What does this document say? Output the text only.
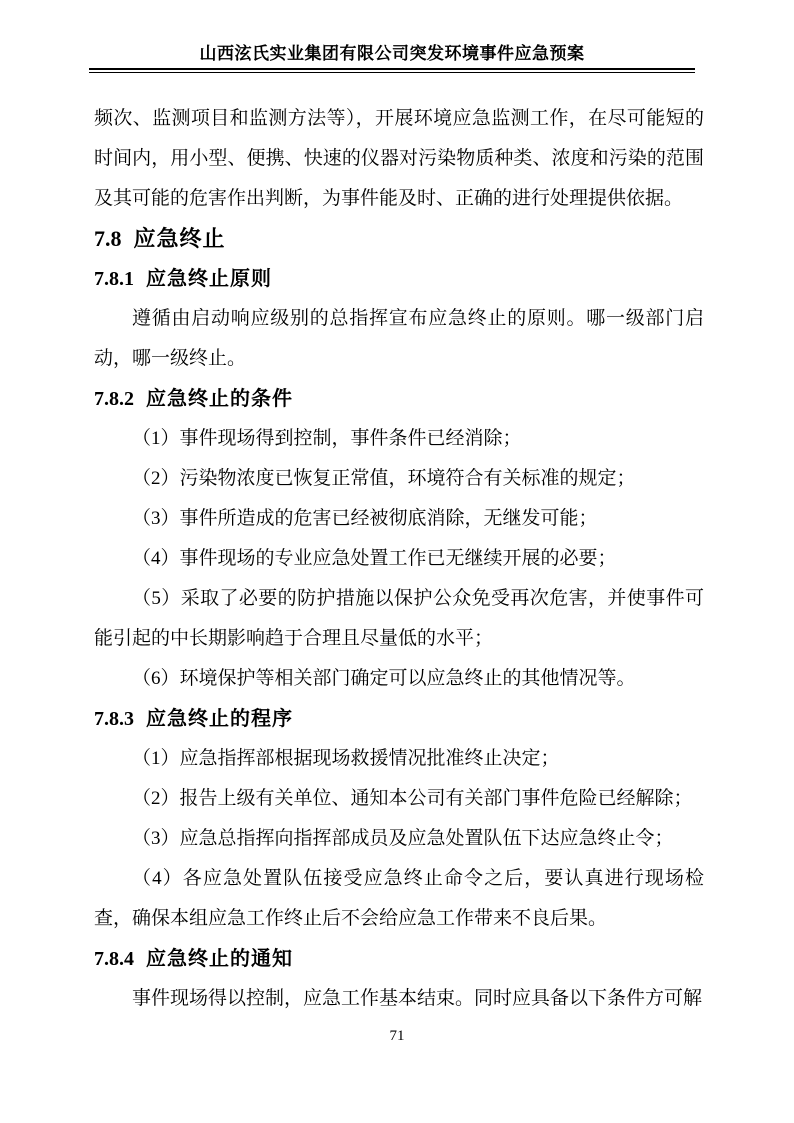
山西泫氏实业集团有限公司突发环境事件应急预案

频次、监测项目和监测方法等），开展环境应急监测工作，在尽可能短的时间内，用小型、便携、快速的仪器对污染物质种类、浓度和污染的范围及其可能的危害作出判断，为事件能及时、正确的进行处理提供依据。

7.8 应急终止
7.8.1 应急终止原则

遵循由启动响应级别的总指挥宣布应急终止的原则。哪一级部门启动，哪一级终止。

7.8.2 应急终止的条件

（1）事件现场得到控制，事件条件已经消除；

（2）污染物浓度已恢复正常值，环境符合有关标准的规定；

（3）事件所造成的危害已经被彻底消除，无继发可能；

（4）事件现场的专业应急处置工作已无继续开展的必要；

（5）采取了必要的防护措施以保护公众免受再次危害，并使事件可能引起的中长期影响趋于合理且尽量低的水平；

（6）环境保护等相关部门确定可以应急终止的其他情况等。

7.8.3 应急终止的程序

（1）应急指挥部根据现场救援情况批准终止决定；

（2）报告上级有关单位、通知本公司有关部门事件危险已经解除；

（3）应急总指挥向指挥部成员及应急处置队伍下达应急终止令；

（4）各应急处置队伍接受应急终止命令之后，要认真进行现场检查，确保本组应急工作终止后不会给应急工作带来不良后果。

7.8.4 应急终止的通知

事件现场得以控制，应急工作基本结束。同时应具备以下条件方可解

71
